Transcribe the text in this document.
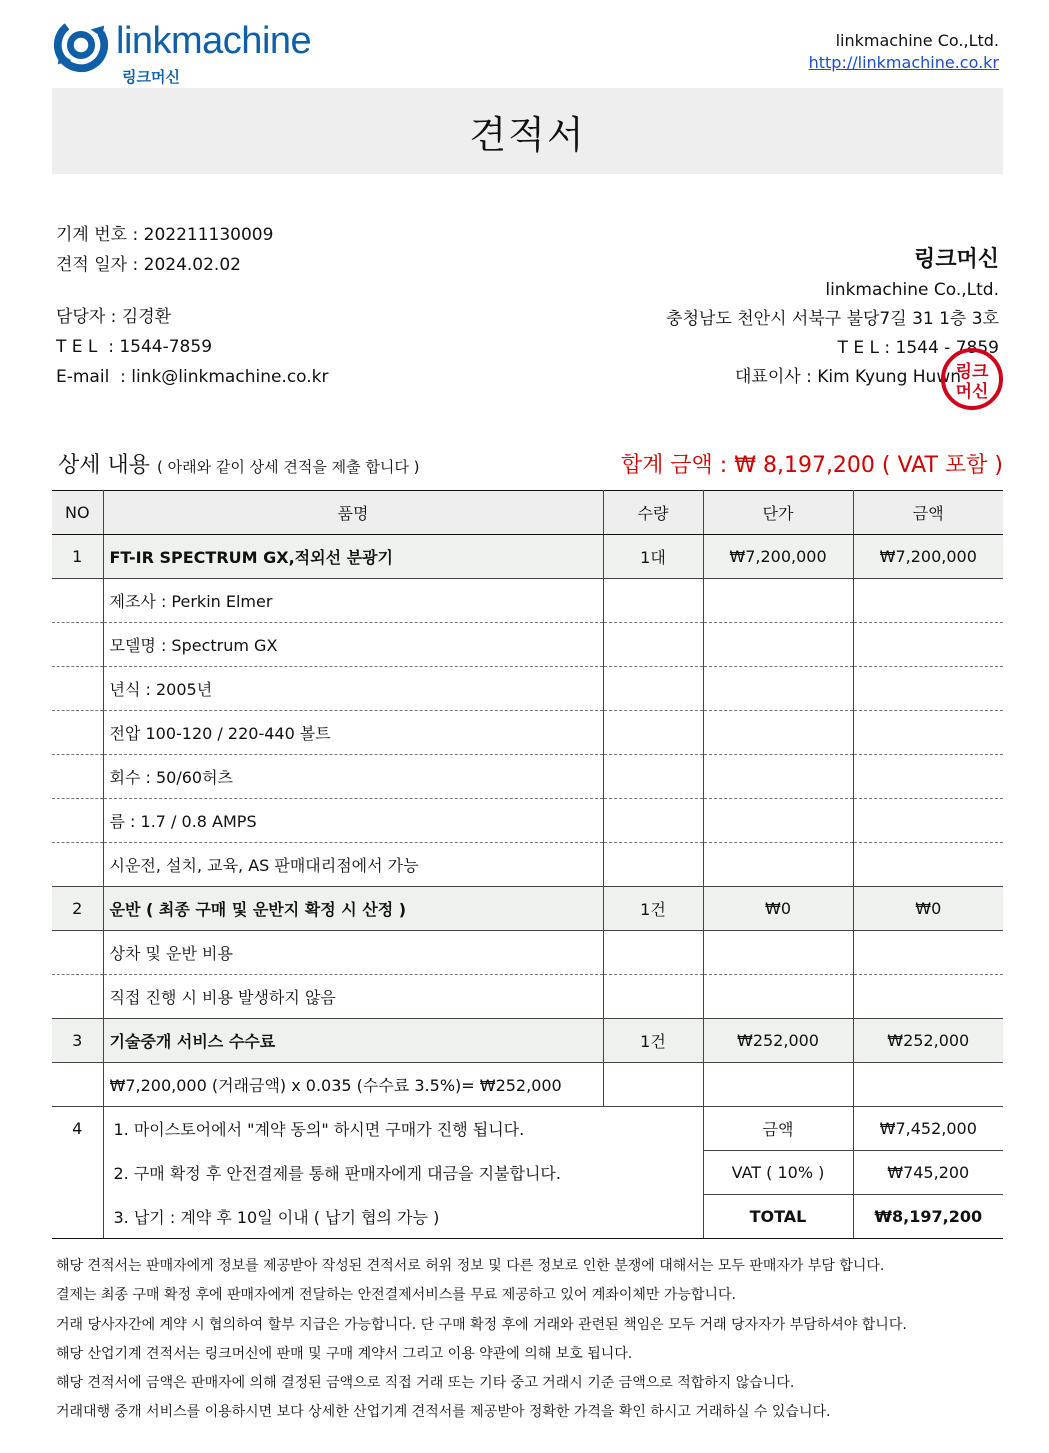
linkmachine
링크머신
linkmachine Co.,Ltd.
http://linkmachine.co.kr
견적서
기계 번호 : 202211130009
견적 일자 : 2024.02.02
담당자 : 김경환
T E L  : 1544-7859
E-mail  : link@linkmachine.co.kr
링크머신
linkmachine Co.,Ltd.
충청남도 천안시 서북구 불당7길 31 1층 3호
T E L : 1544 - 7859
대표이사 : Kim Kyung Huwn
링크
머신
상세 내용 ( 아래와 같이 상세 견적을 제출 합니다 )	합계 금액 : ₩ 8,197,200 ( VAT 포함 )
NO	품명	수량	단가	금액
1	FT-IR SPECTRUM GX,적외선 분광기	1대	₩7,200,000	₩7,200,000
	제조사 : Perkin Elmer			
	모델명 : Spectrum GX			
	년식 : 2005년			
	전압 100-120 / 220-440 볼트			
	회수 : 50/60허츠			
	름 : 1.7 / 0.8 AMPS			
	시운전, 설치, 교육, AS 판매대리점에서 가능			
2	운반 ( 최종 구매 및 운반지 확정 시 산정 )	1건	₩0	₩0
	상차 및 운반 비용			
	직접 진행 시 비용 발생하지 않음			
3	기술중개 서비스 수수료	1건	₩252,000	₩252,000
	₩7,200,000 (거래금액) x 0.035 (수수료 3.5%)= ₩252,000			
4	1. 마이스토어에서 "계약 동의" 하시면 구매가 진행 됩니다.		금액	₩7,452,000
	2. 구매 확정 후 안전결제를 통해 판매자에게 대금을 지불합니다.		VAT ( 10% )	₩745,200
	3. 납기 : 계약 후 10일 이내 ( 납기 협의 가능 )		TOTAL	₩8,197,200
해당 견적서는 판매자에게 정보를 제공받아 작성된 견적서로 허위 정보 및 다른 정보로 인한 분쟁에 대해서는 모두 판매자가 부담 합니다.
결제는 최종 구매 확정 후에 판매자에게 전달하는 안전결제서비스를 무료 제공하고 있어 계좌이체만 가능합니다.
거래 당사자간에 계약 시 협의하여 할부 지급은 가능합니다. 단 구매 확정 후에 거래와 관련된 책임은 모두 거래 당자자가 부담하셔야 합니다.
해당 산업기계 견적서는 링크머신에 판매 및 구매 계약서 그리고 이용 약관에 의해 보호 됩니다.
해당 견적서에 금액은 판매자에 의해 결정된 금액으로 직접 거래 또는 기타 중고 거래시 기준 금액으로 적합하지 않습니다.
거래대행 중개 서비스를 이용하시면 보다 상세한 산업기계 견적서를 제공받아 정확한 가격을 확인 하시고 거래하실 수 있습니다.
